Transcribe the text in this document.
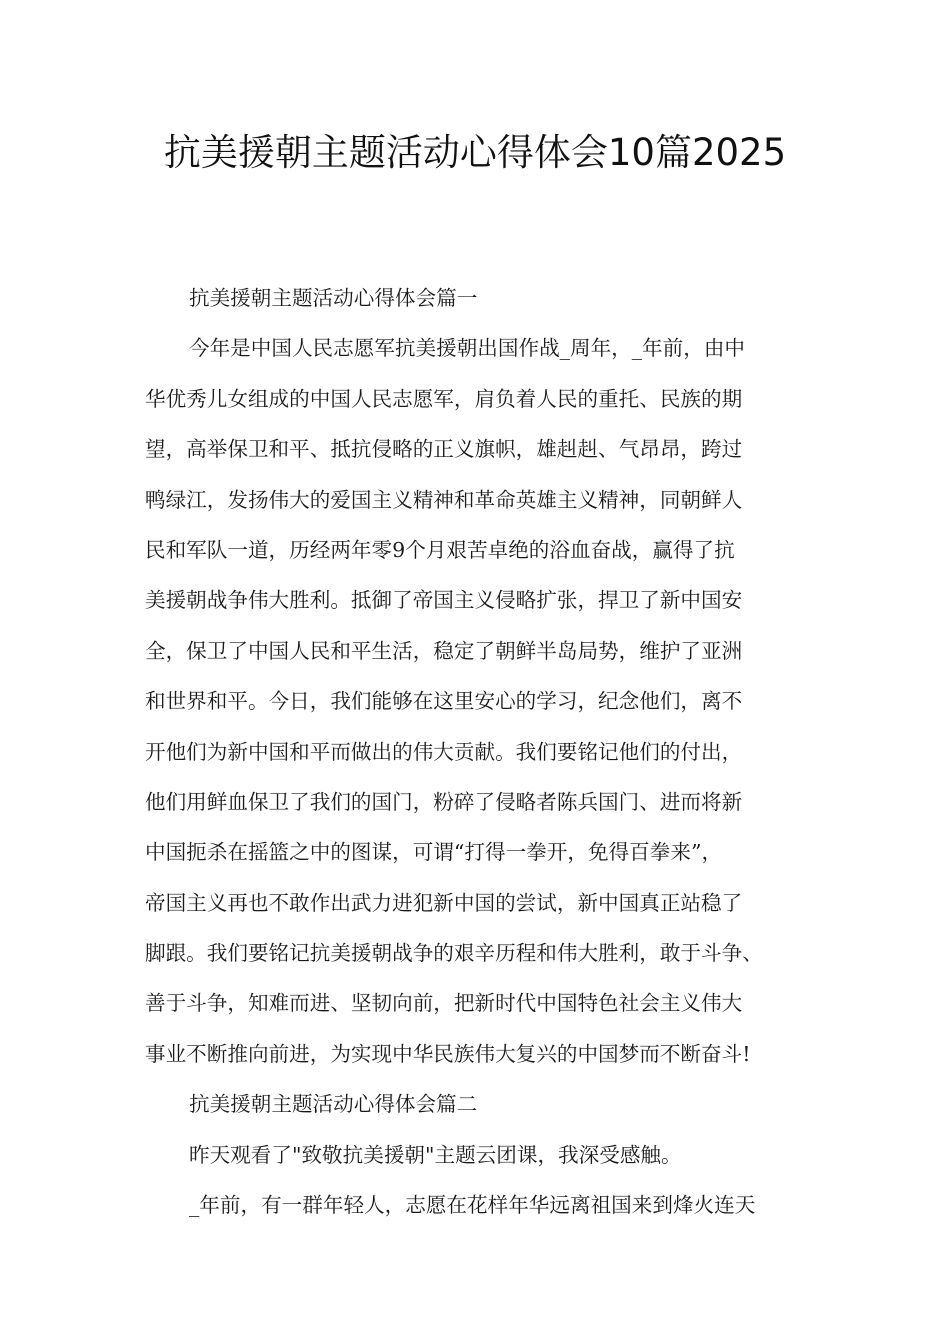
抗美援朝主题活动心得体会10篇2025
抗美援朝主题活动心得体会篇一
今年是中国人民志愿军抗美援朝出国作战_周年，_年前，由中
华优秀儿女组成的中国人民志愿军，肩负着人民的重托、民族的期
望，高举保卫和平、抵抗侵略的正义旗帜，雄赳赳、气昂昂，跨过
鸭绿江，发扬伟大的爱国主义精神和革命英雄主义精神，同朝鲜人
民和军队一道，历经两年零9个月艰苦卓绝的浴血奋战，赢得了抗
美援朝战争伟大胜利。抵御了帝国主义侵略扩张，捍卫了新中国安
全，保卫了中国人民和平生活，稳定了朝鲜半岛局势，维护了亚洲
和世界和平。今日，我们能够在这里安心的学习，纪念他们，离不
开他们为新中国和平而做出的伟大贡献。我们要铭记他们的付出，
他们用鲜血保卫了我们的国门，粉碎了侵略者陈兵国门、进而将新
中国扼杀在摇篮之中的图谋，可谓“打得一拳开，免得百拳来”，
帝国主义再也不敢作出武力进犯新中国的尝试，新中国真正站稳了
脚跟。我们要铭记抗美援朝战争的艰辛历程和伟大胜利，敢于斗争、
善于斗争，知难而进、坚韧向前，把新时代中国特色社会主义伟大
事业不断推向前进，为实现中华民族伟大复兴的中国梦而不断奋斗!
抗美援朝主题活动心得体会篇二
昨天观看了"致敬抗美援朝"主题云团课，我深受感触。
_年前，有一群年轻人，志愿在花样年华远离祖国来到烽火连天
